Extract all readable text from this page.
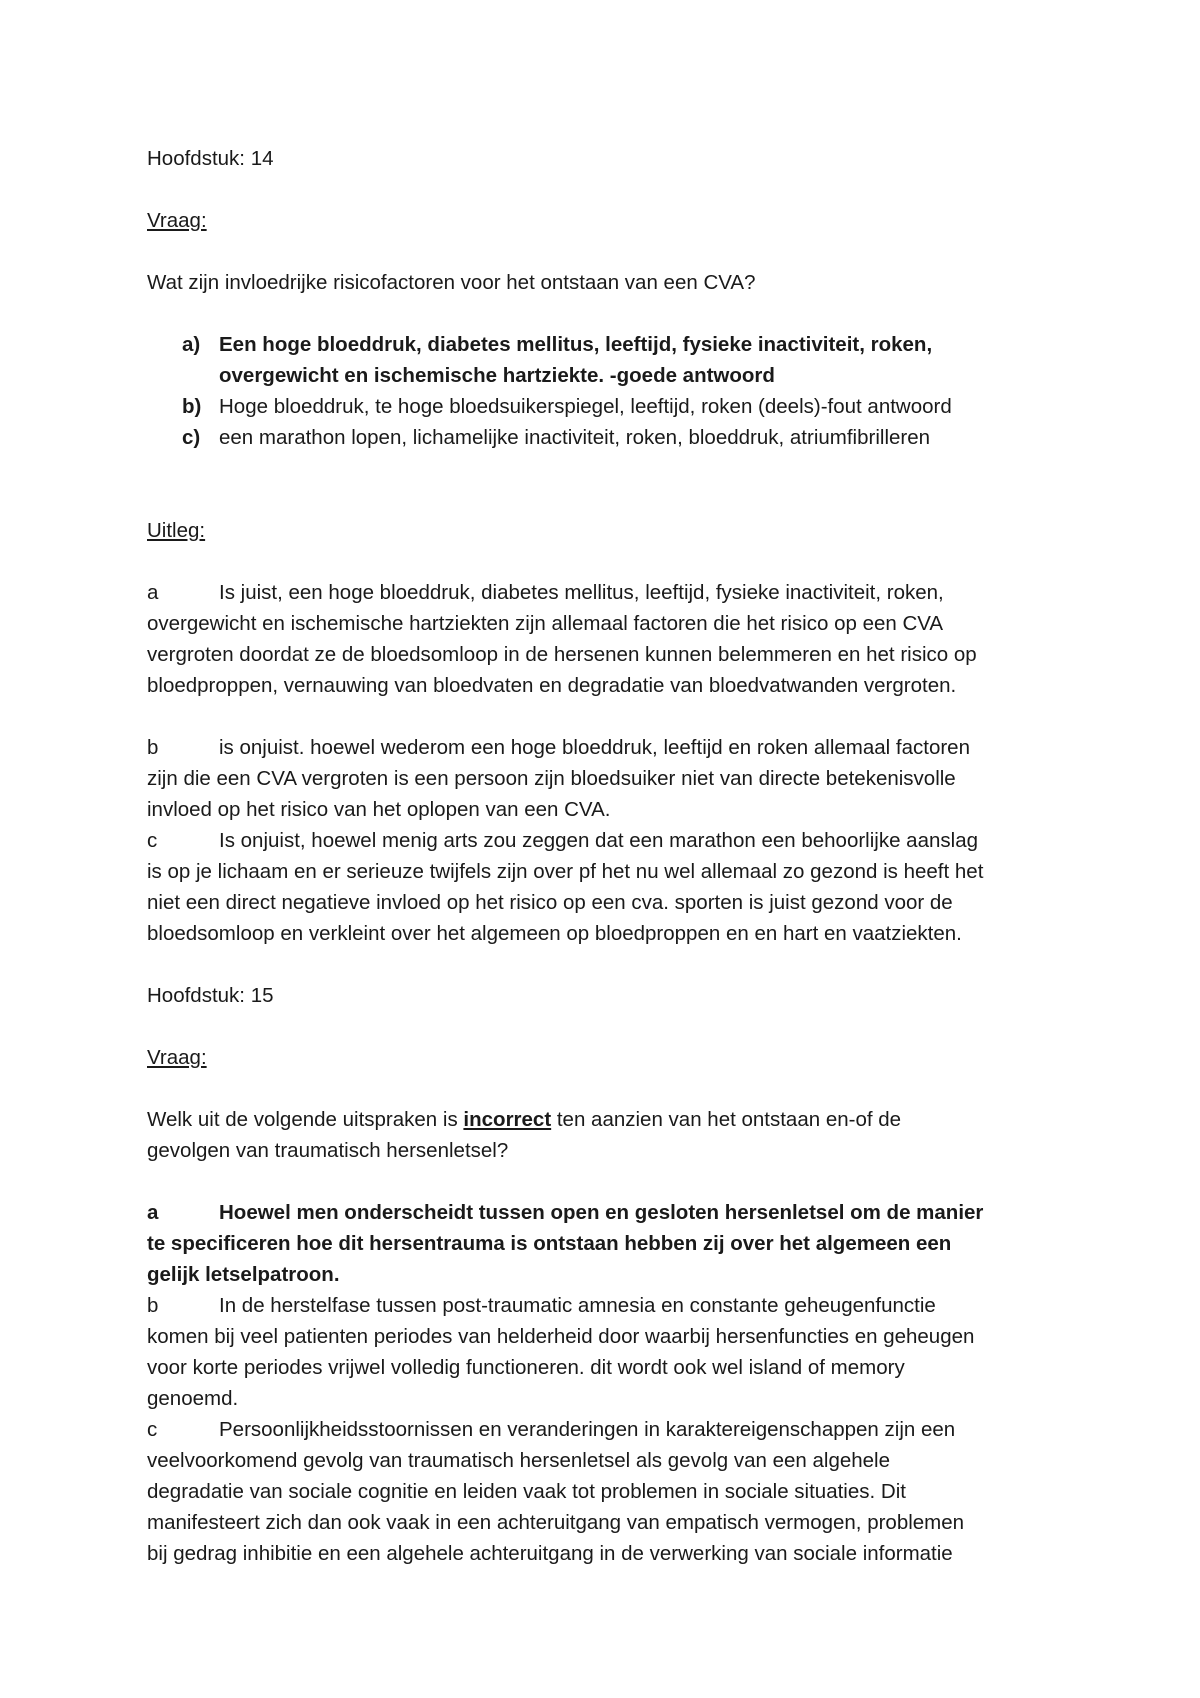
Hoofdstuk: 14
Vraag:
Wat zijn invloedrijke risicofactoren voor het ontstaan van een CVA?
a) Een hoge bloeddruk, diabetes mellitus, leeftijd, fysieke inactiviteit, roken,
overgewicht en ischemische hartziekte. -goede antwoord
b) Hoge bloeddruk, te hoge bloedsuikerspiegel, leeftijd, roken (deels)-fout antwoord
c) een marathon lopen, lichamelijke inactiviteit, roken, bloeddruk, atriumfibrilleren
Uitleg:
a	Is juist, een hoge bloeddruk, diabetes mellitus, leeftijd, fysieke inactiviteit, roken,
overgewicht en ischemische hartziekten zijn allemaal factoren die het risico op een CVA
vergroten doordat ze de bloedsomloop in de hersenen kunnen belemmeren en het risico op
bloedproppen, vernauwing van bloedvaten en degradatie van bloedvatwanden vergroten.
b	is onjuist. hoewel wederom een hoge bloeddruk, leeftijd en roken allemaal factoren
zijn die een CVA vergroten is een persoon zijn bloedsuiker niet van directe betekenisvolle
invloed op het risico van het oplopen van een CVA.
c	Is onjuist, hoewel menig arts zou zeggen dat een marathon een behoorlijke aanslag
is op je lichaam en er serieuze twijfels zijn over pf het nu wel allemaal zo gezond is heeft het
niet een direct negatieve invloed op het risico op een cva. sporten is juist gezond voor de
bloedsomloop en verkleint over het algemeen op bloedproppen en en hart en vaatziekten.
Hoofdstuk: 15
Vraag:
Welk uit de volgende uitspraken is incorrect ten aanzien van het ontstaan en-of de
gevolgen van traumatisch hersenletsel?
a	Hoewel men onderscheidt tussen open en gesloten hersenletsel om de manier
te specificeren hoe dit hersentrauma is ontstaan hebben zij over het algemeen een
gelijk letselpatroon.
b	In de herstelfase tussen post-traumatic amnesia en constante geheugenfunctie
komen bij veel patienten periodes van helderheid door waarbij hersenfuncties en geheugen
voor korte periodes vrijwel volledig functioneren. dit wordt ook wel island of memory
genoemd.
c	Persoonlijkheidsstoornissen en veranderingen in karaktereigenschappen zijn een
veelvoorkomend gevolg van traumatisch hersenletsel als gevolg van een algehele
degradatie van sociale cognitie en leiden vaak tot problemen in sociale situaties. Dit
manifesteert zich dan ook vaak in een achteruitgang van empatisch vermogen, problemen
bij gedrag inhibitie en een algehele achteruitgang in de verwerking van sociale informatie
